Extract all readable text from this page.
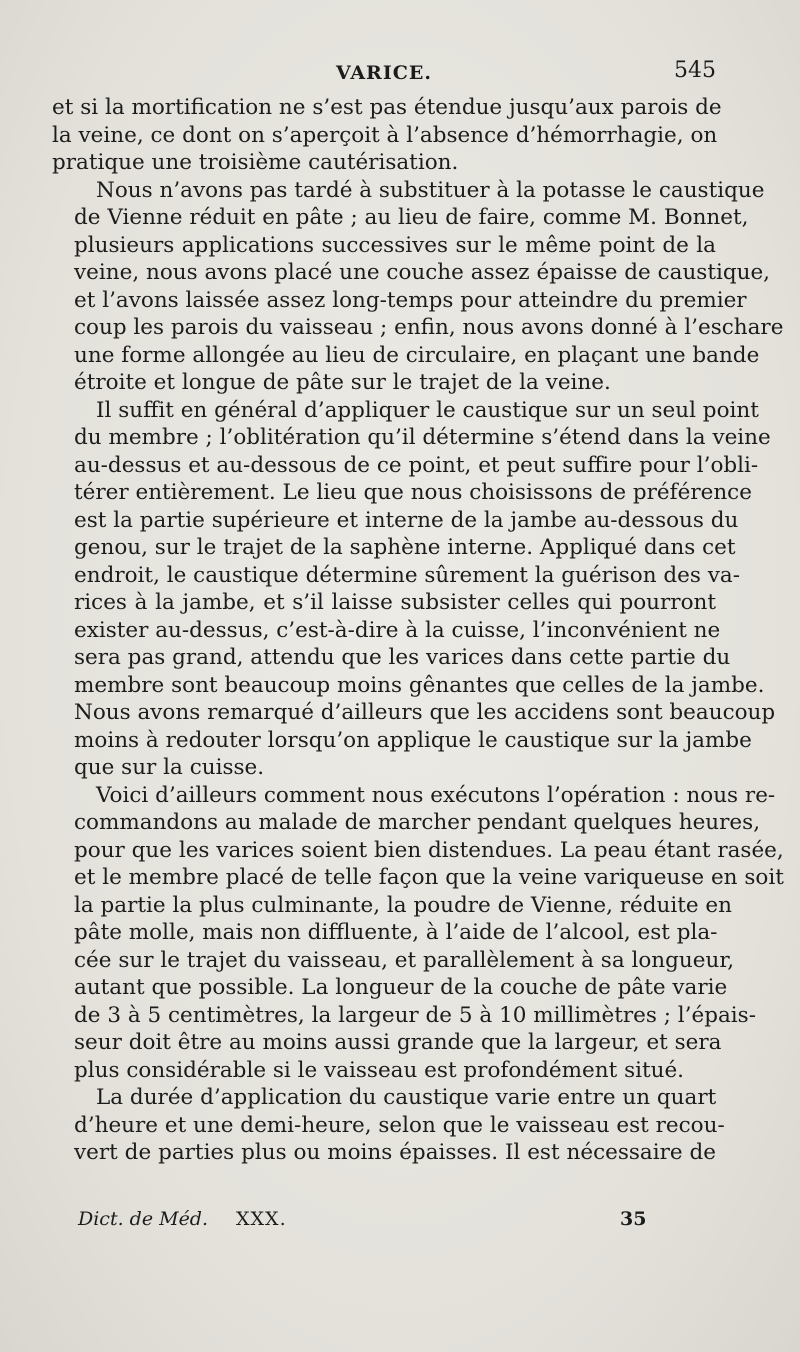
VARICE.	545
et si la mortification ne s’est pas étendue jusqu’aux parois de
la veine, ce dont on s’aperçoit à l’absence d’hémorrhagie, on
pratique une troisième cautérisation.
Nous n’avons pas tardé à substituer à la potasse le caustique
de Vienne réduit en pâte ; au lieu de faire, comme M. Bonnet,
plusieurs applications successives sur le même point de la
veine, nous avons placé une couche assez épaisse de caustique,
et l’avons laissée assez long-temps pour atteindre du premier
coup les parois du vaisseau ; enfin, nous avons donné à l’eschare
une forme allongée au lieu de circulaire, en plaçant une bande
étroite et longue de pâte sur le trajet de la veine.
Il suffit en général d’appliquer le caustique sur un seul point
du membre ; l’oblitération qu’il détermine s’étend dans la veine
au-dessus et au-dessous de ce point, et peut suffire pour l’obli-
térer entièrement. Le lieu que nous choisissons de préférence
est la partie supérieure et interne de la jambe au-dessous du
genou, sur le trajet de la saphène interne. Appliqué dans cet
endroit, le caustique détermine sûrement la guérison des va-
rices à la jambe, et s’il laisse subsister celles qui pourront
exister au-dessus, c’est-à-dire à la cuisse, l’inconvénient ne
sera pas grand, attendu que les varices dans cette partie du
membre sont beaucoup moins gênantes que celles de la jambe.
Nous avons remarqué d’ailleurs que les accidens sont beaucoup
moins à redouter lorsqu’on applique le caustique sur la jambe
que sur la cuisse.
Voici d’ailleurs comment nous exécutons l’opération : nous re-
commandons au malade de marcher pendant quelques heures,
pour que les varices soient bien distendues. La peau étant rasée,
et le membre placé de telle façon que la veine variqueuse en soit
la partie la plus culminante, la poudre de Vienne, réduite en
pâte molle, mais non diffluente, à l’aide de l’alcool, est pla-
cée sur le trajet du vaisseau, et parallèlement à sa longueur,
autant que possible. La longueur de la couche de pâte varie
de 3 à 5 centimètres, la largeur de 5 à 10 millimètres ; l’épais-
seur doit être au moins aussi grande que la largeur, et sera
plus considérable si le vaisseau est profondément situé.
La durée d’application du caustique varie entre un quart
d’heure et une demi-heure, selon que le vaisseau est recou-
vert de parties plus ou moins épaisses. Il est nécessaire de
Dict. de Méd. XXX.	35
